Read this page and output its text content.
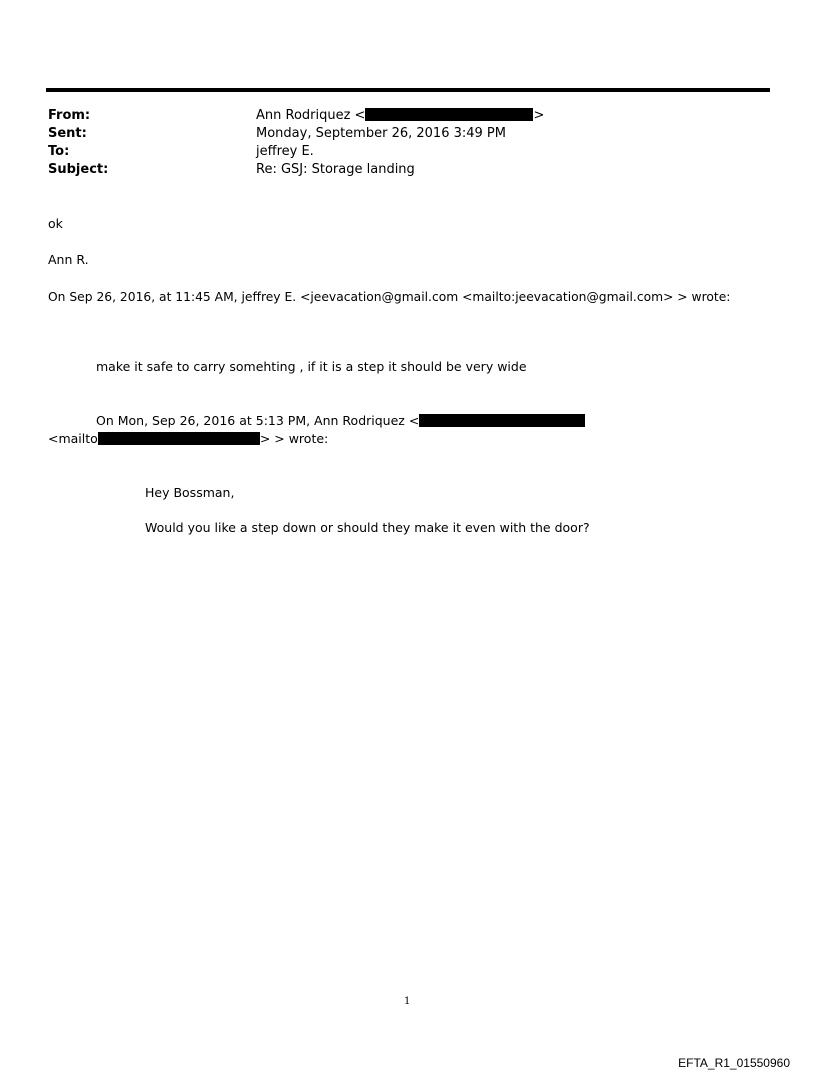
From:	Ann Rodriquez <	>
Sent:	Monday, September 26, 2016 3:49 PM
To:	jeffrey E.
Subject:	Re: GSJ: Storage landing
ok
Ann R.
On Sep 26, 2016, at 11:45 AM, jeffrey E. <jeevacation@gmail.com <mailto:jeevacation@gmail.com> > wrote:
make it safe to carry somehting , if it is a step it should be very wide
On Mon, Sep 26, 2016 at 5:13 PM, Ann Rodriquez <
<mailto	> > wrote:
Hey Bossman,
Would you like a step down or should they make it even with the door?
1
EFTA_R1_01550960
